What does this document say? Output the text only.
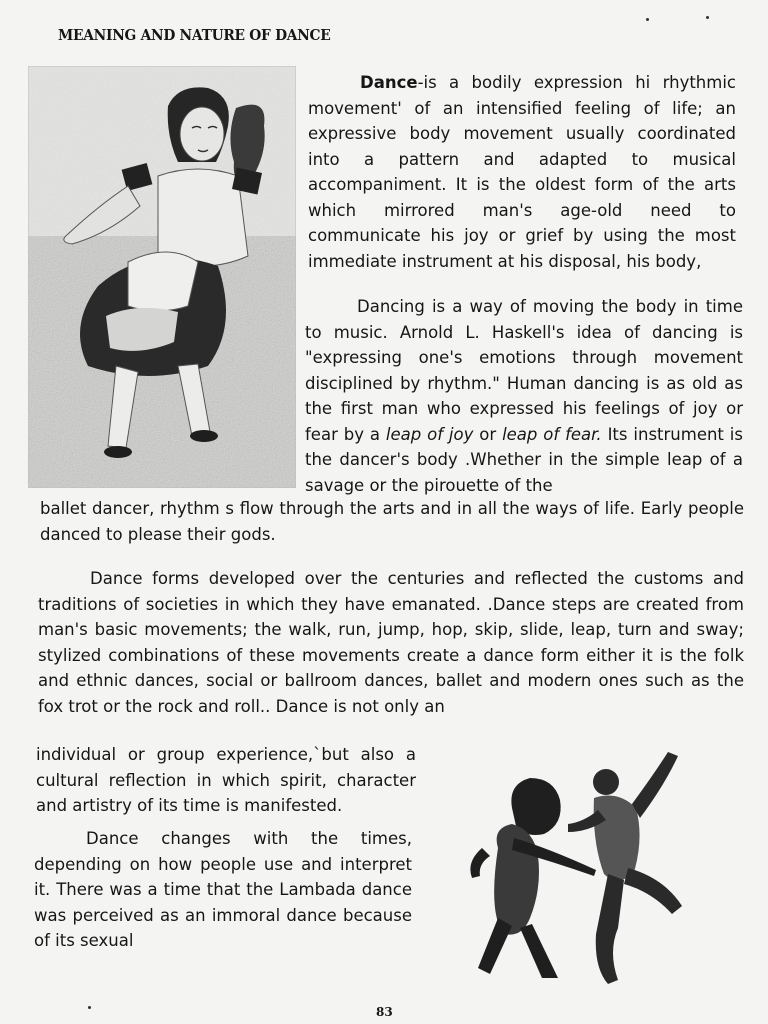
MEANING AND NATURE OF DANCE

Dance-is a bodily expression hi rhythmic movement' of an intensified feeling of life; an expressive body movement usually coordinated into a pattern and adapted to musical accompaniment. It is the oldest form of the arts which mirrored man's age-old need to communicate his joy or grief by using the most immediate instrument at his disposal, his body,

Dancing is a way of moving the body in time to music. Arnold L. Haskell's idea of dancing is "expressing one's emotions through movement disciplined by rhythm." Human dancing is as old as the first man who expressed his feelings of joy or fear by a leap of joy or leap of fear. Its instrument is the dancer's body .Whether in the simple leap of a savage or the pirouette of the

ballet dancer, rhythm s flow through the arts and in all the ways of life. Early people danced to please their gods.

Dance forms developed over the centuries and reflected the customs and traditions of societies in which they have emanated. .Dance steps are created from man's basic movements; the walk, run, jump, hop, skip, slide, leap, turn and sway; stylized combinations of these movements create a dance form either it is the folk and ethnic dances, social or ballroom dances, ballet and modern ones such as the fox trot or the rock and roll.. Dance is not only an

individual or group experience,`but also a cultural reflection in which spirit, character and artistry of its time is manifested.

Dance changes with the times, depending on how people use and interpret it. There was a time that the Lambada dance was perceived as an immoral dance because of its sexual

83
